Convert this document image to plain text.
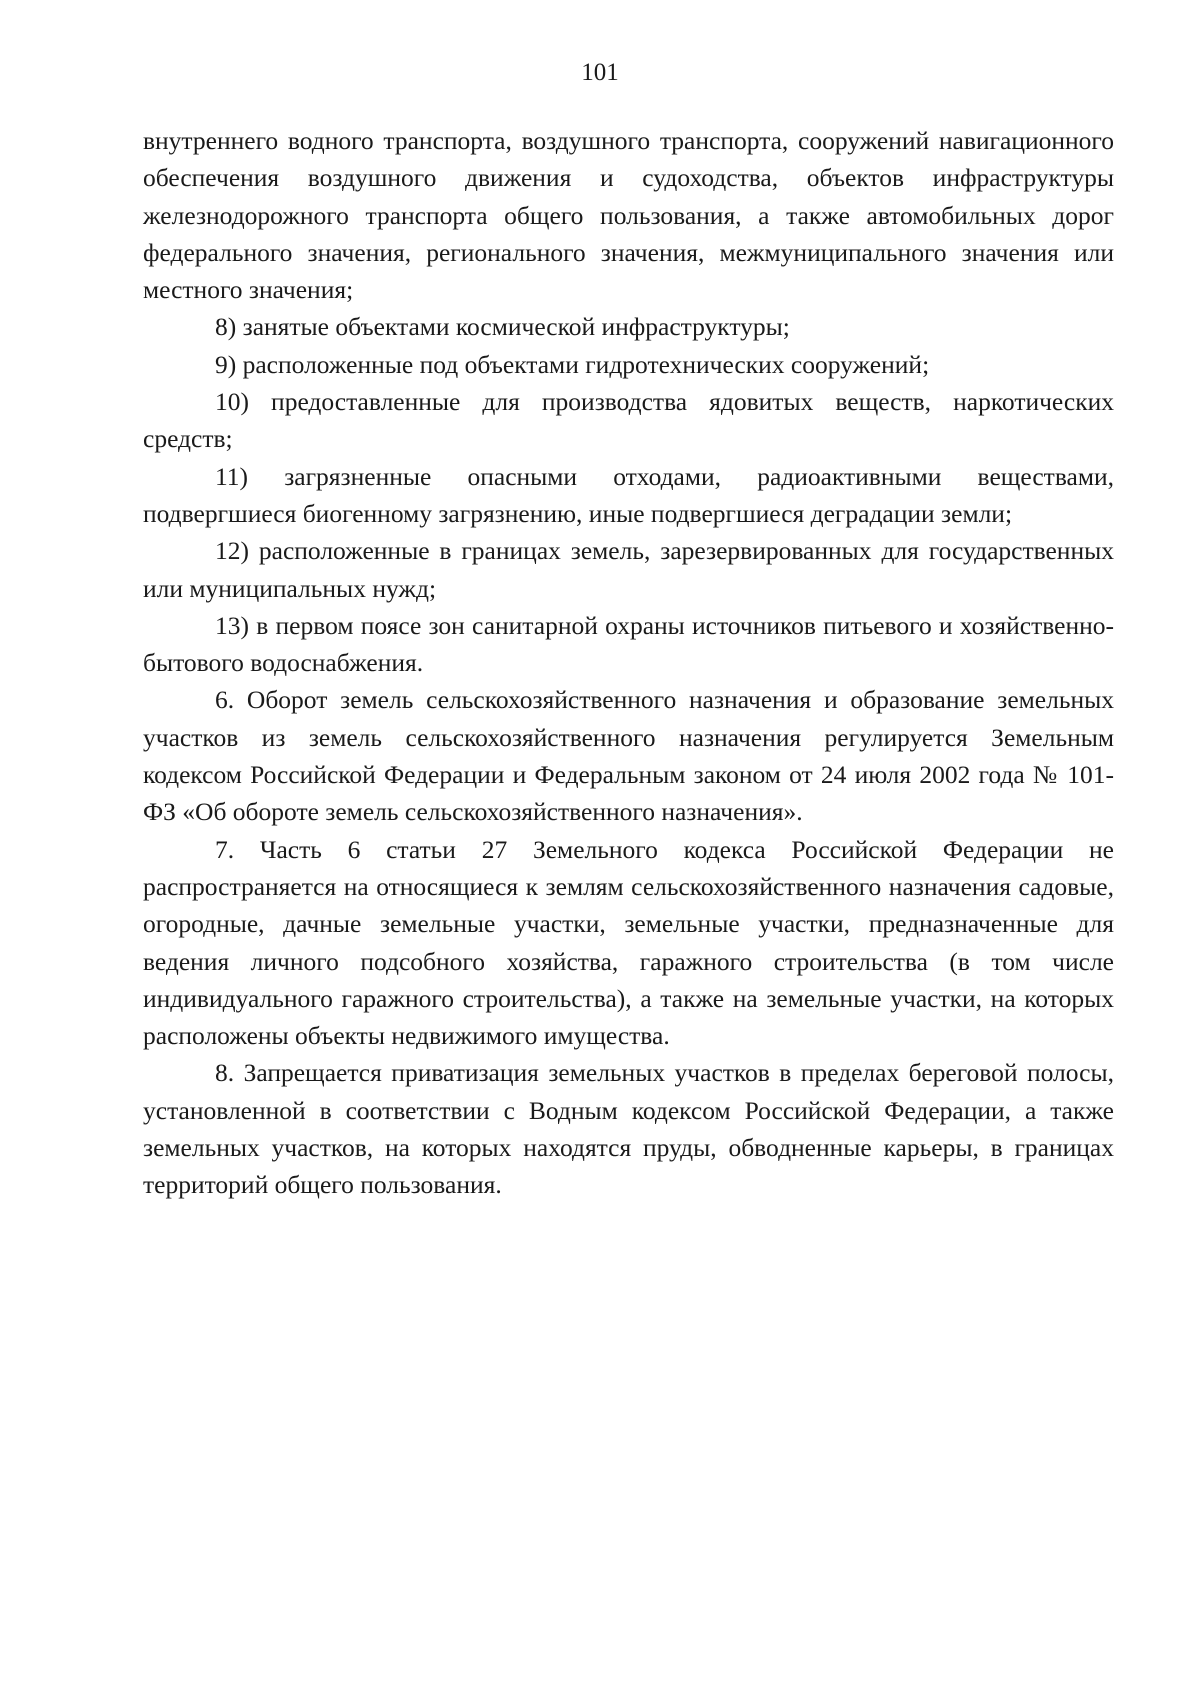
101

внутреннего водного транспорта, воздушного транспорта, сооружений навигационного обеспечения воздушного движения и судоходства, объектов инфраструктуры железнодорожного транспорта общего пользования, а также автомобильных дорог федерального значения, регионального значения, межмуниципального значения или местного значения;

8) занятые объектами космической инфраструктуры;

9) расположенные под объектами гидротехнических сооружений;

10) предоставленные для производства ядовитых веществ, наркотических средств;

11) загрязненные опасными отходами, радиоактивными веществами, подвергшиеся биогенному загрязнению, иные подвергшиеся деградации земли;

12) расположенные в границах земель, зарезервированных для государственных или муниципальных нужд;

13) в первом поясе зон санитарной охраны источников питьевого и хозяйственно-бытового водоснабжения.

6. Оборот земель сельскохозяйственного назначения и образование земельных участков из земель сельскохозяйственного назначения регулируется Земельным кодексом Российской Федерации и Федеральным законом от 24 июля 2002 года № 101-ФЗ «Об обороте земель сельскохозяйственного назначения».

7. Часть 6 статьи 27 Земельного кодекса Российской Федерации не распространяется на относящиеся к землям сельскохозяйственного назначения садовые, огородные, дачные земельные участки, земельные участки, предназначенные для ведения личного подсобного хозяйства, гаражного строительства (в том числе индивидуального гаражного строительства), а также на земельные участки, на которых расположены объекты недвижимого имущества.

8. Запрещается приватизация земельных участков в пределах береговой полосы, установленной в соответствии с Водным кодексом Российской Федерации, а также земельных участков, на которых находятся пруды, обводненные карьеры, в границах территорий общего пользования.
